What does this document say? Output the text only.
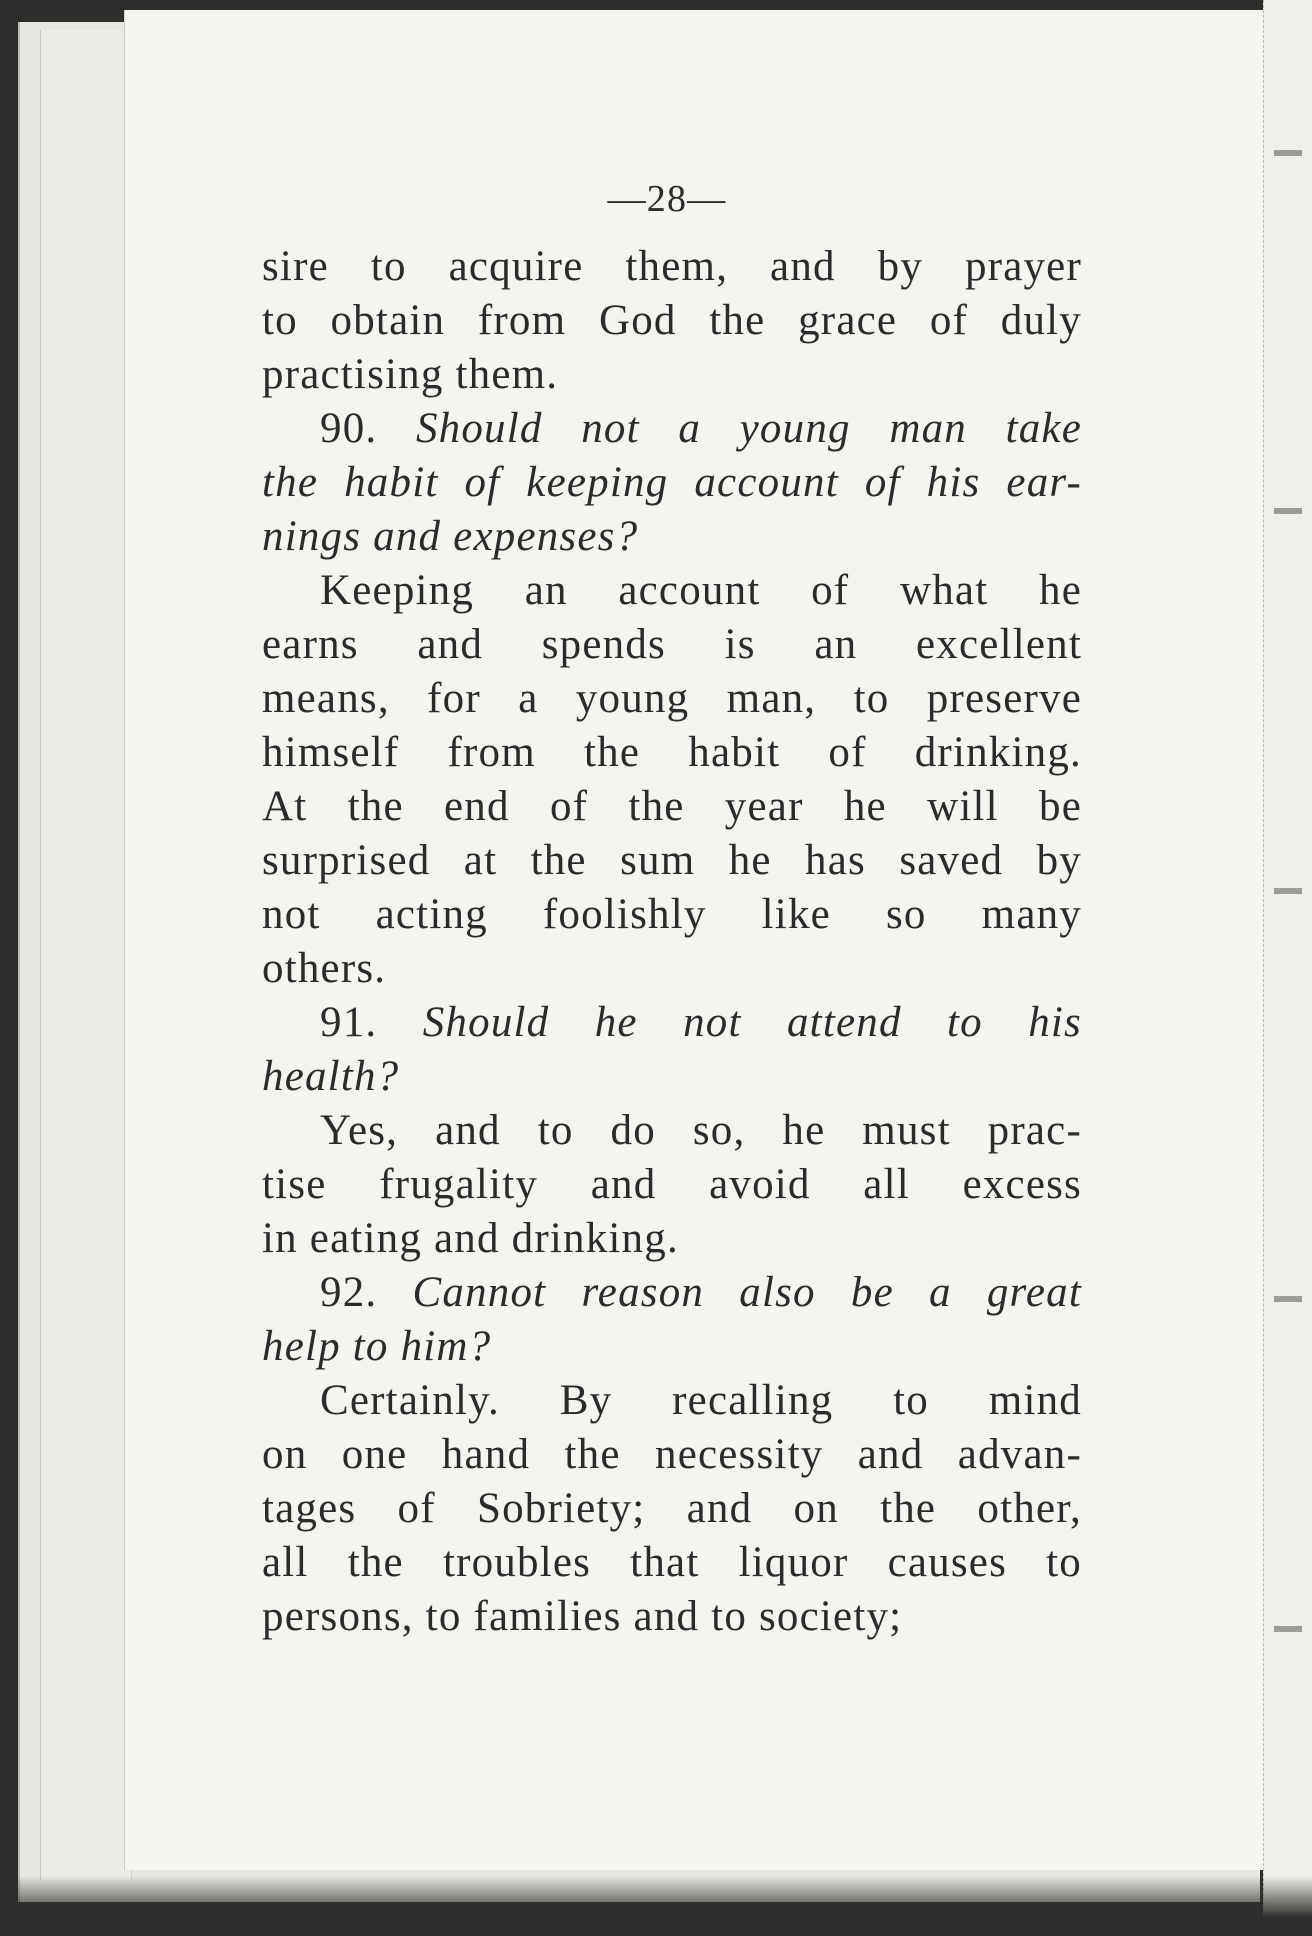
—28—
sire to acquire them, and by prayer
to obtain from God the grace of duly
practising them.
90. Should not a young man take
the habit of keeping account of his ear-
nings and expenses?
Keeping an account of what he
earns and spends is an excellent
means, for a young man, to preserve
himself from the habit of drinking.
At the end of the year he will be
surprised at the sum he has saved by
not acting foolishly like so many
others.
91. Should he not attend to his
health?
Yes, and to do so, he must prac-
tise frugality and avoid all excess
in eating and drinking.
92. Cannot reason also be a great
help to him?
Certainly. By recalling to mind
on one hand the necessity and advan-
tages of Sobriety; and on the other,
all the troubles that liquor causes to
persons, to families and to society;
